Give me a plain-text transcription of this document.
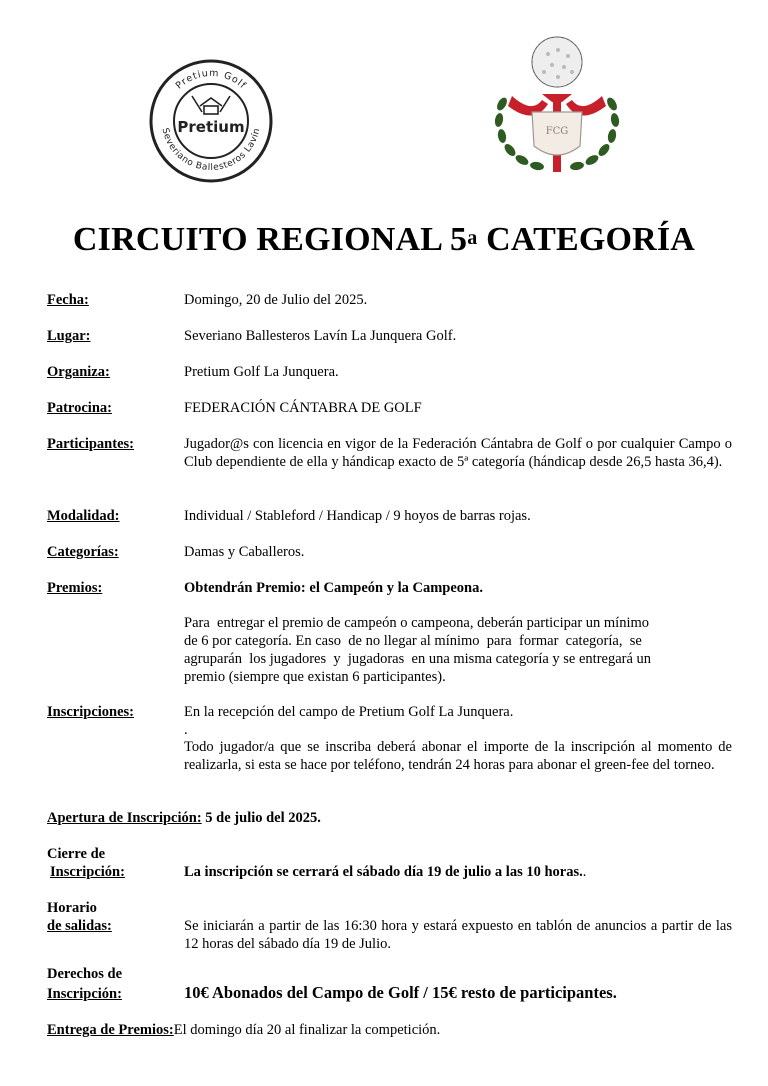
Pretium Golf
Severiano Ballesteros Lavín
Pretium	FCG
CIRCUITO REGIONAL 5$^a$ CATEGORÍA
Fecha:	Domingo, 20 de Julio del 2025.
Lugar:	Severiano Ballesteros Lavín La Junquera Golf.
Organiza:	Pretium Golf La Junquera.
Patrocina:	FEDERACIÓN CÁNTABRA DE GOLF
Participantes:	Jugador@s con licencia en vigor de la Federación Cántabra de Golf o por cualquier Campo o Club dependiente de ella y hándicap exacto de 5ª categoría (hándicap desde 26,5 hasta 36,4).
Modalidad:	Individual / Stableford / Handicap / 9 hoyos de barras rojas.
Categorías:	Damas y Caballeros.
Premios:	Obtendrán Premio: el Campeón y la Campeona.
Para  entregar el premio de campeón o campeona, deberán participar un mínimo
de 6 por categoría. En caso  de no llegar al mínimo  para  formar  categoría,  se
agruparán  los jugadores  y  jugadoras  en una misma categoría y se entregará un
premio (siempre que existan 6 participantes).
Inscripciones:	En la recepción del campo de Pretium Golf La Junquera.
.
Todo jugador/a que se inscriba deberá abonar el importe de la inscripción al momento de realizarla, si esta se hace por teléfono, tendrán 24 horas para abonar el green-fee del torneo.
Apertura de Inscripción: 5 de julio del 2025.
Cierre de
Inscripción:	La inscripción se cerrará el sábado día 19 de julio a las 10 horas..
Horario
de salidas:	Se iniciarán a partir de las 16:30 hora y estará expuesto en tablón de anuncios a partir de las 12 horas del sábado día 19 de Julio.
Derechos de
Inscripción:	10€ Abonados del Campo de Golf / 15€ resto de participantes.
Entrega de Premios:El domingo día 20 al finalizar la competición.
